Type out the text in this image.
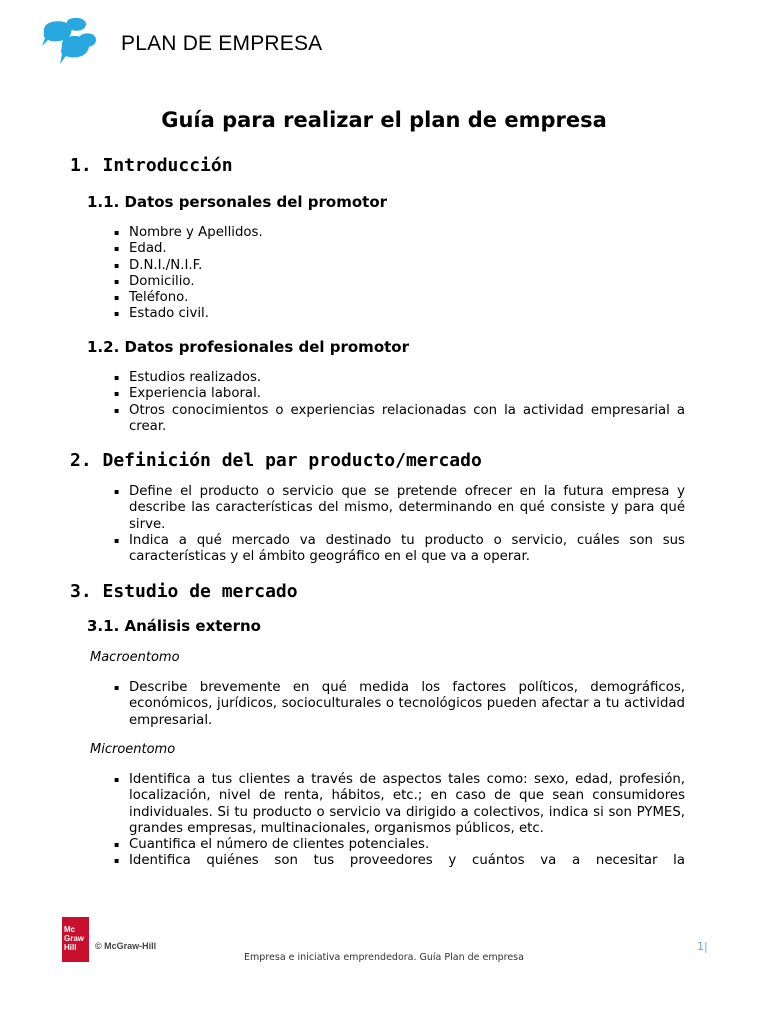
PLAN DE EMPRESA
Guía para realizar el plan de empresa
1. Introducción
1.1. Datos personales del promotor
▪ Nombre y Apellidos.
▪ Edad.
▪ D.N.I./N.I.F.
▪ Domicilio.
▪ Teléfono.
▪ Estado civil.
1.2. Datos profesionales del promotor
▪ Estudios realizados.
▪ Experiencia laboral.
▪ Otros conocimientos o experiencias relacionadas con la actividad empresarial a crear.
2. Definición del par producto/mercado
▪ Define el producto o servicio que se pretende ofrecer en la futura empresa y describe las características del mismo, determinando en qué consiste y para qué sirve.
▪ Indica a qué mercado va destinado tu producto o servicio, cuáles son sus características y el ámbito geográfico en el que va a operar.
3. Estudio de mercado
3.1. Análisis externo
Macroentomo
▪ Describe brevemente en qué medida los factores políticos, demográficos, económicos, jurídicos, socioculturales o tecnológicos pueden afectar a tu actividad empresarial.
Microentomo
▪ Identifica a tus clientes a través de aspectos tales como: sexo, edad, profesión, localización, nivel de renta, hábitos, etc.; en caso de que sean consumidores individuales. Si tu producto o servicio va dirigido a colectivos, indica si son PYMES, grandes empresas, multinacionales, organismos públicos, etc.
▪ Cuantifica el número de clientes potenciales.
▪ Identifica quiénes son tus proveedores y cuántos va a necesitar la
Mc Graw Hill	© McGraw-Hill	1|
Empresa e iniciativa emprendedora. Guía Plan de empresa
